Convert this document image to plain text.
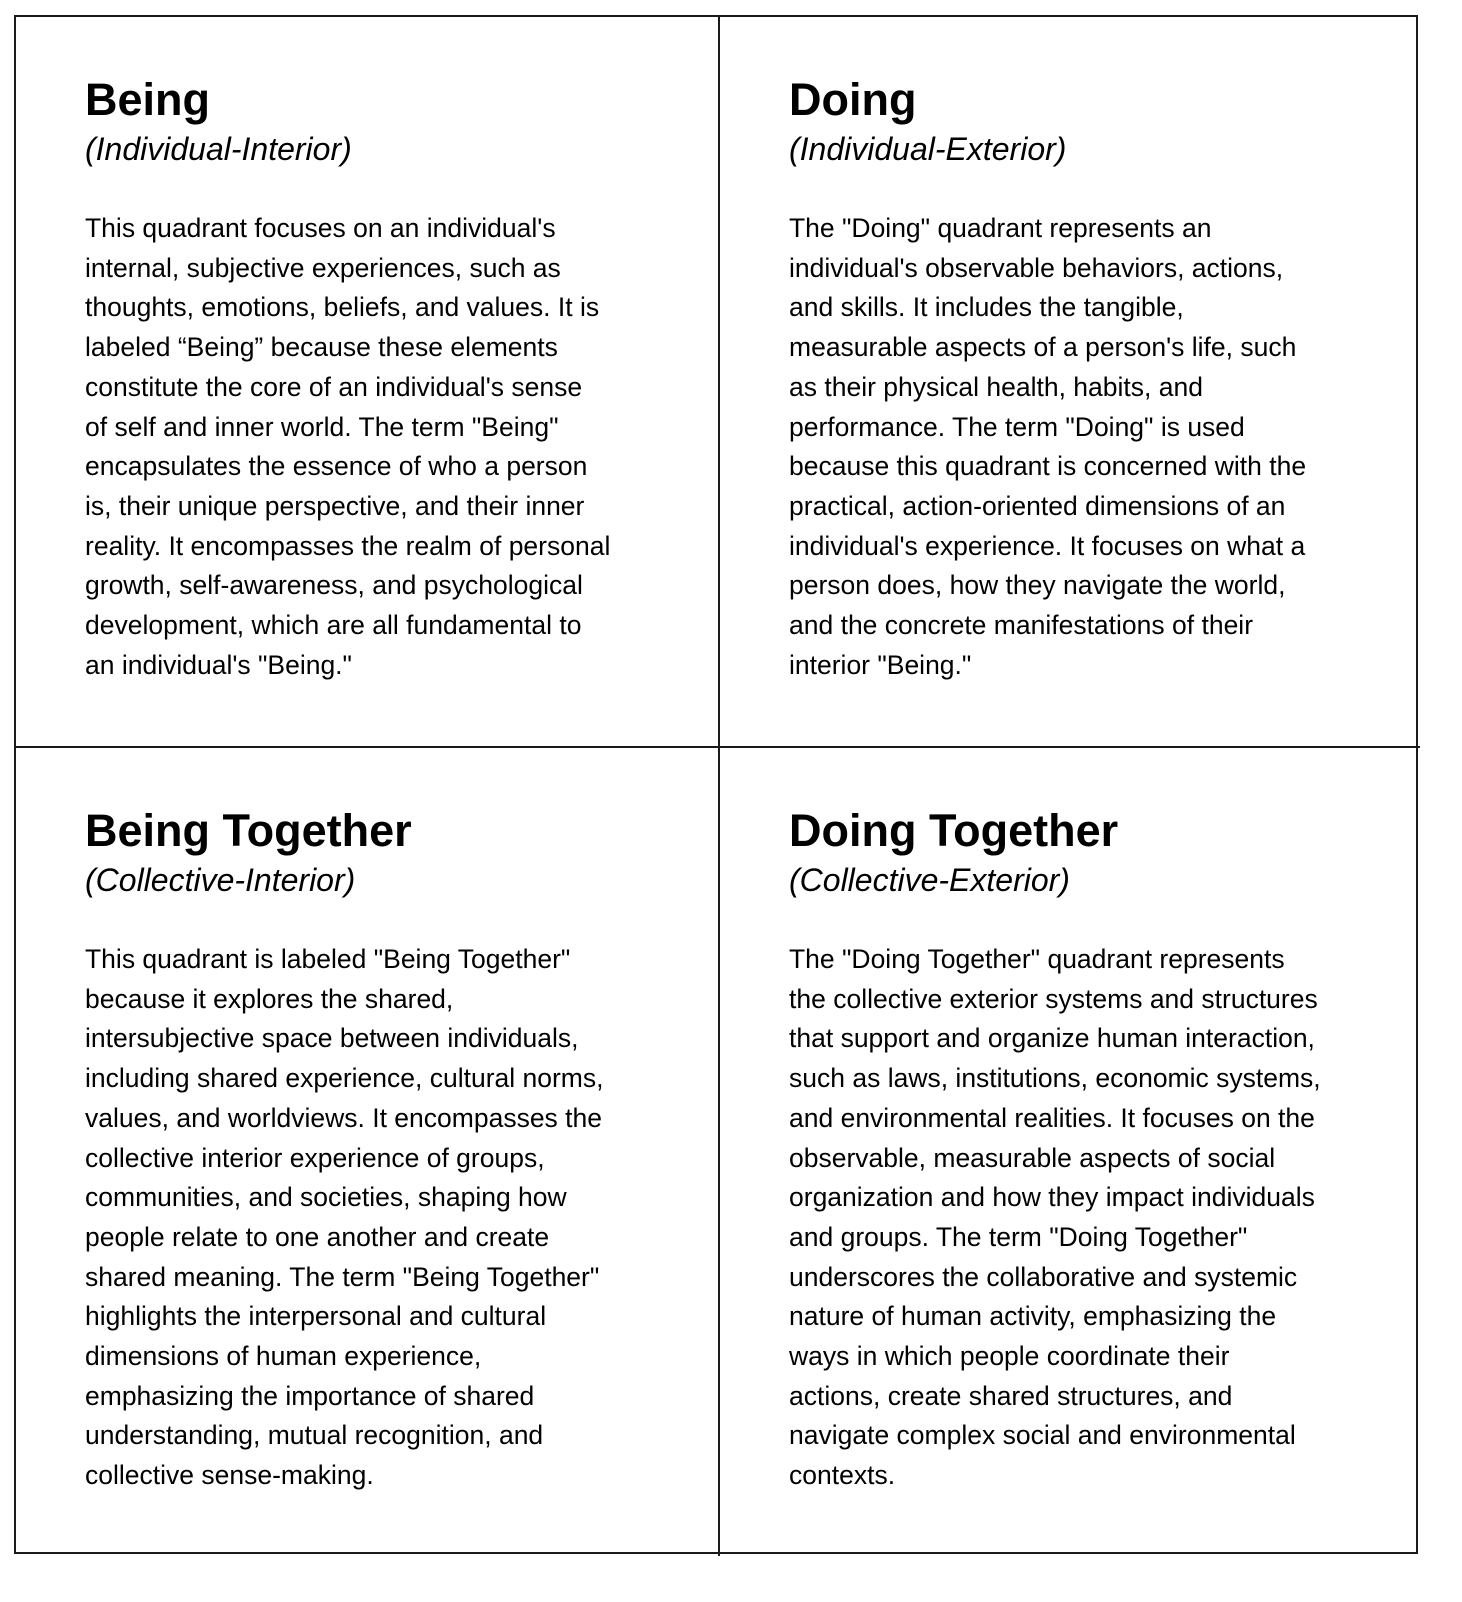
Being
(Individual-Interior)
This quadrant focuses on an individual's
internal, subjective experiences, such as
thoughts, emotions, beliefs, and values. It is
labeled “Being” because these elements
constitute the core of an individual's sense
of self and inner world. The term "Being"
encapsulates the essence of who a person
is, their unique perspective, and their inner
reality. It encompasses the realm of personal
growth, self-awareness, and psychological
development, which are all fundamental to
an individual's "Being."
Doing
(Individual-Exterior)
The "Doing" quadrant represents an
individual's observable behaviors, actions,
and skills. It includes the tangible,
measurable aspects of a person's life, such
as their physical health, habits, and
performance. The term "Doing" is used
because this quadrant is concerned with the
practical, action-oriented dimensions of an
individual's experience. It focuses on what a
person does, how they navigate the world,
and the concrete manifestations of their
interior "Being."
Being Together
(Collective-Interior)
This quadrant is labeled "Being Together"
because it explores the shared,
intersubjective space between individuals,
including shared experience, cultural norms,
values, and worldviews. It encompasses the
collective interior experience of groups,
communities, and societies, shaping how
people relate to one another and create
shared meaning. The term "Being Together"
highlights the interpersonal and cultural
dimensions of human experience,
emphasizing the importance of shared
understanding, mutual recognition, and
collective sense-making.
Doing Together
(Collective-Exterior)
The "Doing Together" quadrant represents
the collective exterior systems and structures
that support and organize human interaction,
such as laws, institutions, economic systems,
and environmental realities. It focuses on the
observable, measurable aspects of social
organization and how they impact individuals
and groups. The term "Doing Together"
underscores the collaborative and systemic
nature of human activity, emphasizing the
ways in which people coordinate their
actions, create shared structures, and
navigate complex social and environmental
contexts.
